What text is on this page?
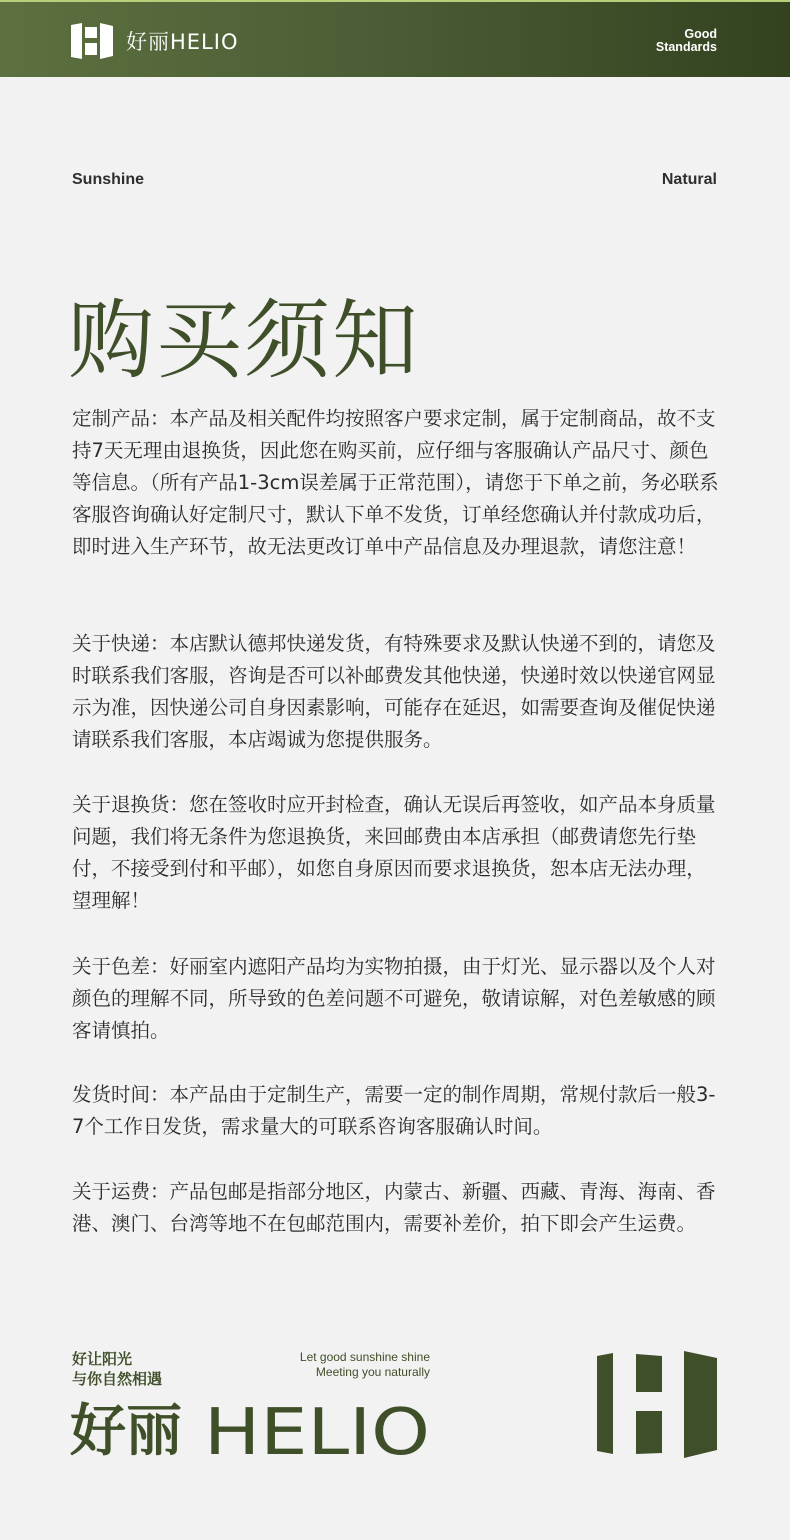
好丽HELIO	Good
Standards
Sunshine	Natural
购买须知

定制产品：本产品及相关配件均按照客户要求定制，属于定制商品，故不支持7天无理由退换货，因此您在购买前，应仔细与客服确认产品尺寸、颜色等信息。（所有产品1-3cm误差属于正常范围），请您于下单之前，务必联系客服咨询确认好定制尺寸，默认下单不发货，订单经您确认并付款成功后，即时进入生产环节，故无法更改订单中产品信息及办理退款，请您注意！

关于快递：本店默认德邦快递发货，有特殊要求及默认快递不到的，请您及时联系我们客服，咨询是否可以补邮费发其他快递，快递时效以快递官网显示为准，因快递公司自身因素影响，可能存在延迟，如需要查询及催促快递请联系我们客服，本店竭诚为您提供服务。

关于退换货：您在签收时应开封检查，确认无误后再签收，如产品本身质量问题，我们将无条件为您退换货，来回邮费由本店承担（邮费请您先行垫付，不接受到付和平邮），如您自身原因而要求退换货，恕本店无法办理，望理解！

关于色差：好丽室内遮阳产品均为实物拍摄，由于灯光、显示器以及个人对颜色的理解不同，所导致的色差问题不可避免，敬请谅解，对色差敏感的顾客请慎拍。

发货时间：本产品由于定制生产，需要一定的制作周期，常规付款后一般3-7个工作日发货，需求量大的可联系咨询客服确认时间。

关于运费：产品包邮是指部分地区，内蒙古、新疆、西藏、青海、海南、香港、澳门、台湾等地不在包邮范围内，需要补差价，拍下即会产生运费。

好让阳光
与你自然相遇
Let good sunshine shine
Meeting you naturally
好丽 HELIO
